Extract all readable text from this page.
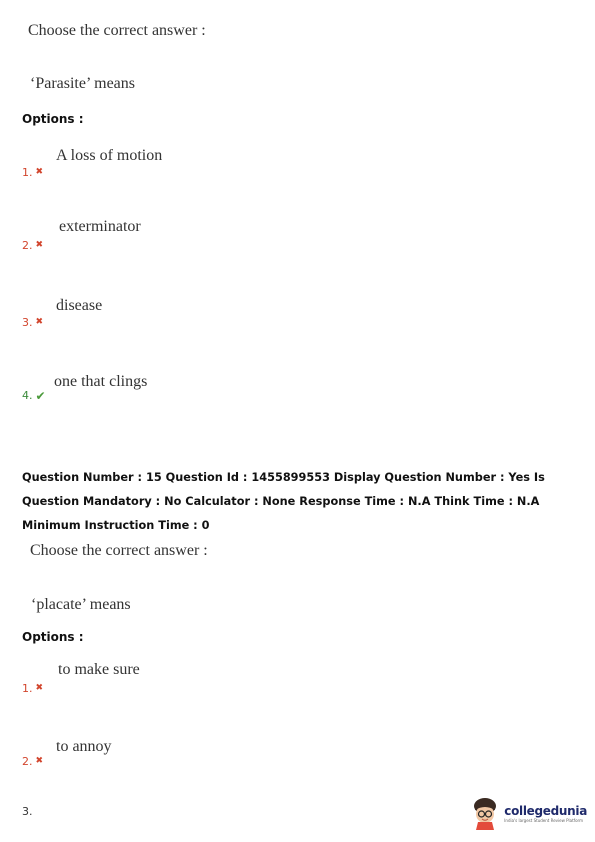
Choose the correct answer :
‘Parasite’ means
Options :
A loss of motion
1. ✖
exterminator
2. ✖
disease
3. ✖
one that clings
4. ✔
Question Number : 15 Question Id : 1455899553 Display Question Number : Yes Is Question Mandatory : No Calculator : None Response Time : N.A Think Time : N.A Minimum Instruction Time : 0
Choose the correct answer :
‘placate’ means
Options :
to make sure
1. ✖
to annoy
2. ✖
3.	collegedunia
India's largest Student Review Platform
